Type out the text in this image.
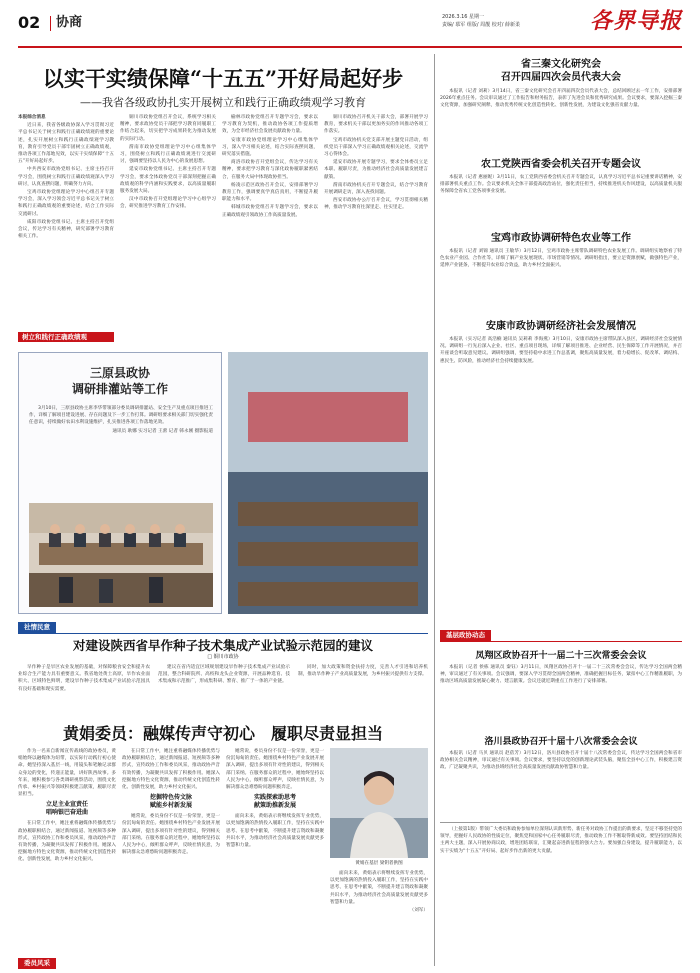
02 协商	2026.3.16 星期一
责编/ 慕军 组版/ 周靓 校对/ 薛新柔	各界导报
以实干实绩保障“十五五”开好局起好步
——我省各级政协扎实开展树立和践行正确政绩观学习教育

本报综合消息

近日来，我省各级政协深入学习贯彻习近平总书记关于树立和践行正确政绩观的重要论述，扎实开展树立和践行正确政绩观学习教育，教育引导党员干部牢固树立正确政绩观，推动各项工作落地见效，以实干实绩保障“十五五”开好局起好步。

中共西安市政协党组书记、主席主持召开学习会，围绕树立和践行正确政绩观深入学习研讨，认真查摆问题，明确努力方向。

宝鸡市政协党组理论学习中心组召开专题学习会，深入学习领会习近平总书记关于树立和践行正确政绩观的重要论述，结合工作实际交流研讨。

咸阳市政协党组书记、主席主持召开党组会议，传达学习有关精神，研究部署学习教育相关工作。

树立和践行正确政绩观

铜川市政协党组召开会议，系统学习相关精神，要求政协党员干部把学习教育同履职工作结合起来，切实把学习成果转化为推动发展的实际行动。

渭南市政协党组理论学习中心组集体学习，围绕树立和践行正确政绩观进行交流研讨，强调要坚持以人民为中心的发展思想。

延安市政协党组书记、主席主持召开专题学习会，要求全体政协党员干部深刻把握正确政绩观的科学内涵和实践要求，以高质量履职服务发展大局。

汉中市政协召开党组理论学习中心组学习会，研究推进学习教育工作安排。

榆林市政协党组召开专题学习会，要求以学习教育为契机，推动政协各项工作提质增效，为全市经济社会发展贡献政协力量。

安康市政协党组理论学习中心组集体学习，深入学习相关论述，结合实际查摆问题，研究落实措施。

商洛市政协召开党组会议，传达学习有关精神，要求把学习教育与深化政协履职紧密结合，在服务大局中体现政协担当。

杨凌示范区政协召开会议，安排部署学习教育工作，强调要真学真信真用，不断提升履职能力和水平。

韩城市政协党组召开专题学习会，要求以正确政绩观引领政协工作高质量发展。

铜川市政协召开机关干部大会，部署开展学习教育，要求机关干部以更加务实的作风推动各项工作落实。

宝鸡市政协机关党支部开展主题党日活动，组织党员干部深入学习正确政绩观相关论述，交流学习心得体会。

延安市政协开展专题学习，要求全体委员立足本职、履职尽责，为推动经济社会高质量发展建言献策。

渭南市政协机关召开专题会议，结合学习教育开展调研走访，深入查找问题。

西安市政协办公厅召开会议，学习贯彻相关精神，推动学习教育往深里走、往实里走。

三原县政协
调研排灌站等工作

3月10日，三原县政协主席李华带领部分委员调研排灌站、安全生产及重点项目推进工作，详细了解项目建设进展、存在问题及下一步工作打算。调研组要求相关部门切实强化责任意识，持续做好农田水利设施维护，扎实推进各项工作落地见效。

通讯员 耿娜 实习记者 王蕾 记者 韩永刚 摄影报道

社情民意
对建设陕西省早作种子技术集成产业试验示范园的建议
□ 铜川市政协

早作种子是旱区农业发展的基础，对保障粮食安全和提升农业综合生产能力具有重要意义。我省地处黄土高原，旱作农业面积大、区域特色鲜明，建设旱作种子技术集成产业试验示范园具有良好基础和现实需要。

建议在省内适宜区域规划建设旱作种子技术集成产业试验示范园，整合科研院所、高校和龙头企业资源，开展品种选育、技术集成和示范推广，形成集科研、繁育、推广于一体的产业链。

同时，加大政策和资金扶持力度，完善人才引进和培养机制，推动旱作种子产业高质量发展，为乡村振兴提供有力支撑。

黄娟委员：融媒传声守初心　履职尽责显担当

作为一名来自新闻宣传战线的政协委员，黄娟始终以融媒体为纽带，以实际行动践行初心使命。她坚持深入基层一线，用镜头和笔触记录群众身边的变化，传递正能量，讲好陕西故事。多年来，她积极参与各类调研视察活动，围绕文化传承、乡村振兴等领域积极建言献策，履职尽责显担当。

立足主业宣责任
唱响银巴奋进曲

在日常工作中，她注重将融媒体传播优势与政协履职相结合，通过新闻报道、短视频等多种形式，宣传政协工作和委员风采，推动政协声音有效传播，为凝聚共识发挥了积极作用。她深入挖掘地方特色文化资源，推动传统文化创造性转化、创新性发展，助力乡村文化振兴。

在日常工作中，她注重将融媒体传播优势与政协履职相结合，通过新闻报道、短视频等多种形式，宣传政协工作和委员风采，推动政协声音有效传播，为凝聚共识发挥了积极作用。她深入挖掘地方特色文化资源，推动传统文化创造性转化、创新性发展，助力乡村文化振兴。

挖掘特色传文脉
赋能乡村新发展

她常说，委员身份不仅是一份荣誉，更是一份沉甸甸的责任。她围绕乡村特色产业发展开展深入调研，提出多项有针对性的建议，得到相关部门采纳。在服务群众的过程中，她始终坚持以人民为中心，倾听群众呼声，反映社情民意，为解决群众急难愁盼问题积极奔走。

她常说，委员身份不仅是一份荣誉，更是一份沉甸甸的责任。她围绕乡村特色产业发展开展深入调研，提出多项有针对性的建议，得到相关部门采纳。在服务群众的过程中，她始终坚持以人民为中心，倾听群众呼声，反映社情民意，为解决群众急难愁盼问题积极奔走。

实践探索助思考
献策助推新发展

面向未来，黄娟表示将继续发挥专业优势，以更加饱满的热情投入履职工作，坚持在实践中思考、在思考中献策，不断提升建言资政和凝聚共识水平，为推动经济社会高质量发展贡献更多智慧和力量。

黄娟在基层 梁钥者供图

面向未来，黄娟表示将继续发挥专业优势，以更加饱满的热情投入履职工作，坚持在实践中思考、在思考中献策，不断提升建言资政和凝聚共识水平，为推动经济社会高质量发展贡献更多智慧和力量。

（刘军）

委员风采
省三秦文化研究会
召开四届四次会员代表大会

本报讯（记者 刘莉）3月14日，省三秦文化研究会召开四届四次会员代表大会，总结回顾过去一年工作，安排部署2026年重点任务。会议审议通过了工作报告和财务报告，表彰了先进会员和优秀研究成果。会议要求，要深入挖掘三秦文化资源，加强研究阐释，推动优秀传统文化创造性转化、创新性发展，为建设文化强省贡献力量。

农工党陕西省委会机关召开专题会议

本报讯（记者 惠丽妮）3月11日，农工党陕西省委会机关召开专题会议，认真学习习近平总书记重要讲话精神，安排部署机关重点工作。会议要求机关全体干部提高政治站位，强化责任担当，持续推进机关作风建设，以高质量机关服务保障全省农工党各项事业发展。

宝鸡市政协调研特色农业等工作

本报讯（记者 刘锦 通讯员 王敏华）3月12日，宝鸡市政协主席带队调研特色农业发展工作。调研组实地察看了特色农业产业园、合作社等，详细了解产业发展现状、市场营销等情况。调研组指出，要立足资源禀赋，做强特色产业，延伸产业链条，不断提升农业综合效益，助力乡村全面振兴。

安康市政协调研经济社会发展情况

本报讯（实习记者 高浩楠 通讯员 吴莉莉 李海燕）3月10日，安康市政协主席带队深入县区，调研经济社会发展情况。调研组一行先后深入企业、社区、重点项目现场，详细了解项目推进、企业经营、民生保障等工作开展情况，并召开座谈会听取意见建议。调研组强调，要坚持稳中求进工作总基调，聚焦高质量发展，着力稳增长、促改革、调结构、惠民生、防风险，推动经济社会持续健康发展。

基层政协动态
凤翔区政协召开十一届二十三次常委会会议

本报讯（记者 侯栋 通讯员 秦钰）3月11日，凤翔区政协召开十一届二十三次常委会会议，传达学习全国两会精神，审议通过了有关事项。会议强调，要深入学习贯彻全国两会精神，准确把握目标任务，紧扣中心工作精准履职，为推动区域高质量发展凝心聚力、建言献策。会议还就近期重点工作进行了安排部署。

洛川县政协召开十届十八次常委会会议

本报讯（记者 马贝 通讯员 赵蓓芳）3月12日，洛川县政协召开十届十八次常委会会议，传达学习全国两会和省市政协相关会议精神，审议通过有关事项。会议要求，要坚持以党的创新理论武装头脑，聚焦全县中心工作，积极建言资政、广泛凝聚共识，为推动县域经济社会高质量发展贡献政协智慧和力量。

（上接第1版）带领广大委员和政协参加单位深刻认识新形势、新任务对政协工作提出的新要求，坚定不移坚持党的领导，把握好人民政协的性质定位，聚焦党和国家中心任务履职尽责，推动政协工作不断取得新成效。要坚持团结和民主两大主题，深入开展协商议政，增进团结联谊，汇聚起奋进新征程的强大合力。要加强自身建设，提升履职能力，以实干实绩为“十五五”开好局、起好步作出新的更大贡献。
